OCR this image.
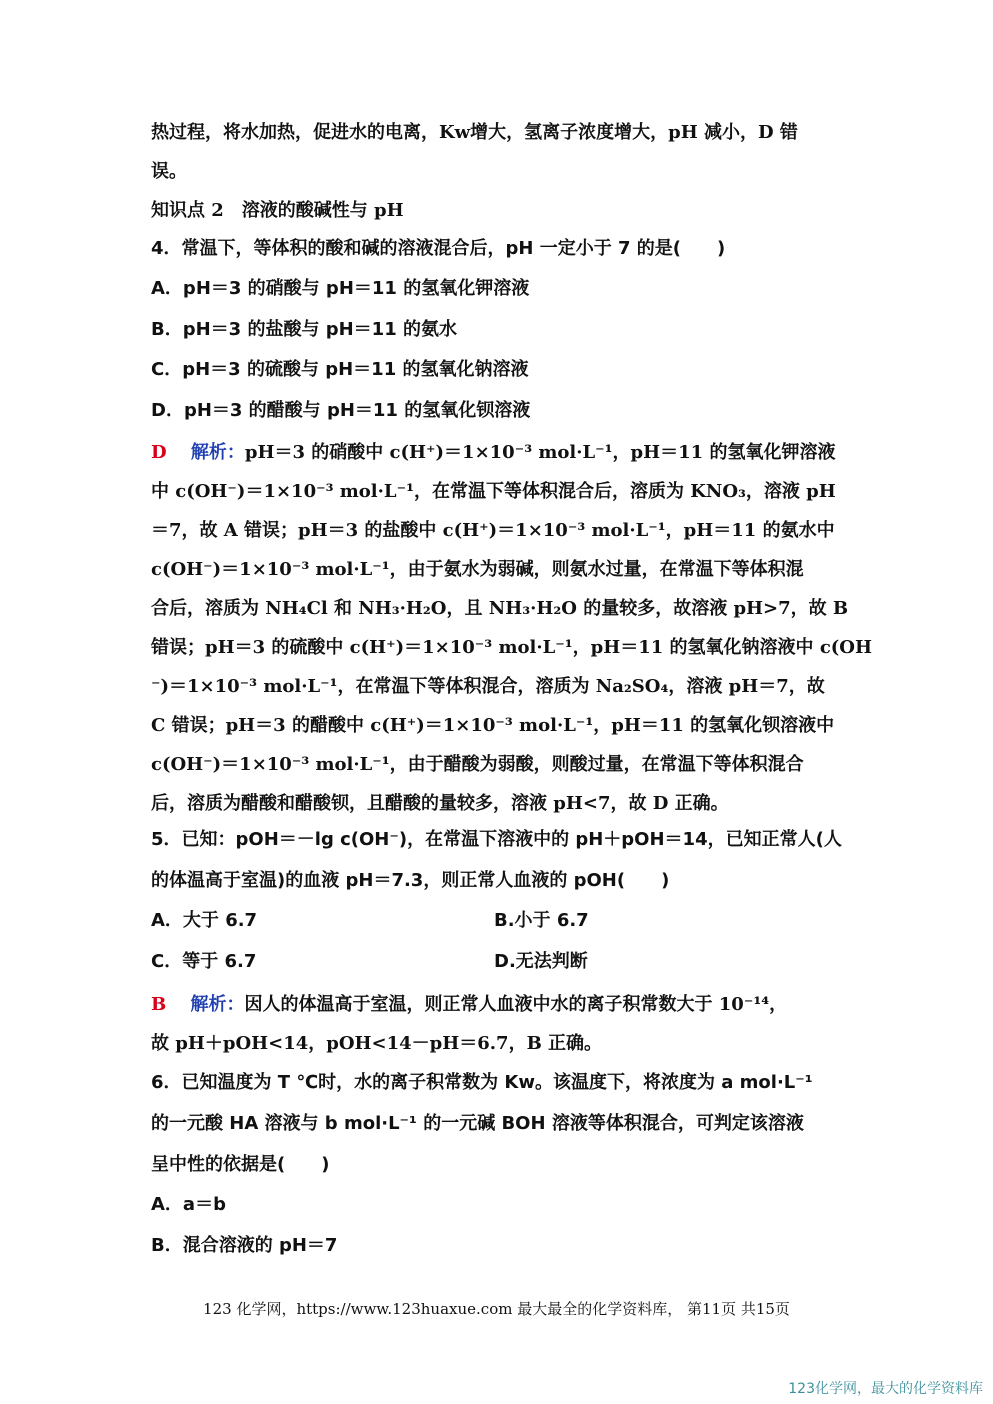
热过程，将水加热，促进水的电离，Kw增大，氢离子浓度增大，pH 减小，D 错
误。
知识点 2　溶液的酸碱性与 pH
4．常温下，等体积的酸和碱的溶液混合后，pH 一定小于 7 的是(　　)
A．pH＝3 的硝酸与 pH＝11 的氢氧化钾溶液
B．pH＝3 的盐酸与 pH＝11 的氨水
C．pH＝3 的硫酸与 pH＝11 的氢氧化钠溶液
D．pH＝3 的醋酸与 pH＝11 的氢氧化钡溶液
D　 解析：pH＝3 的硝酸中 c(H⁺)＝1×10⁻³ mol·L⁻¹，pH＝11 的氢氧化钾溶液
中 c(OH⁻)＝1×10⁻³ mol·L⁻¹，在常温下等体积混合后，溶质为 KNO₃，溶液 pH
＝7，故 A 错误；pH＝3 的盐酸中 c(H⁺)＝1×10⁻³ mol·L⁻¹，pH＝11 的氨水中
c(OH⁻)＝1×10⁻³ mol·L⁻¹，由于氨水为弱碱，则氨水过量，在常温下等体积混
合后，溶质为 NH₄Cl 和 NH₃·H₂O，且 NH₃·H₂O 的量较多，故溶液 pH>7，故 B
错误；pH＝3 的硫酸中 c(H⁺)＝1×10⁻³ mol·L⁻¹，pH＝11 的氢氧化钠溶液中 c(OH
⁻)＝1×10⁻³ mol·L⁻¹，在常温下等体积混合，溶质为 Na₂SO₄，溶液 pH＝7，故
C 错误；pH＝3 的醋酸中 c(H⁺)＝1×10⁻³ mol·L⁻¹，pH＝11 的氢氧化钡溶液中
c(OH⁻)＝1×10⁻³ mol·L⁻¹，由于醋酸为弱酸，则酸过量，在常温下等体积混合
后，溶质为醋酸和醋酸钡，且醋酸的量较多，溶液 pH<7，故 D 正确。
5．已知：pOH＝－lg c(OH⁻)，在常温下溶液中的 pH＋pOH＝14，已知正常人(人
的体温高于室温)的血液 pH＝7.3，则正常人血液的 pOH(　　)
A．大于 6.7	B.小于 6.7
C．等于 6.7	D.无法判断
B　 解析：因人的体温高于室温，则正常人血液中水的离子积常数大于 10⁻¹⁴，
故 pH＋pOH<14，pOH<14－pH＝6.7，B 正确。
6．已知温度为 T ℃时，水的离子积常数为 Kw。该温度下，将浓度为 a mol·L⁻¹
的一元酸 HA 溶液与 b mol·L⁻¹ 的一元碱 BOH 溶液等体积混合，可判定该溶液
呈中性的依据是(　　)
A．a＝b
B．混合溶液的 pH＝7
123 化学网，https://www.123huaxue.com 最大最全的化学资料库， 第11页 共15页
123化学网，最大的化学资料库
